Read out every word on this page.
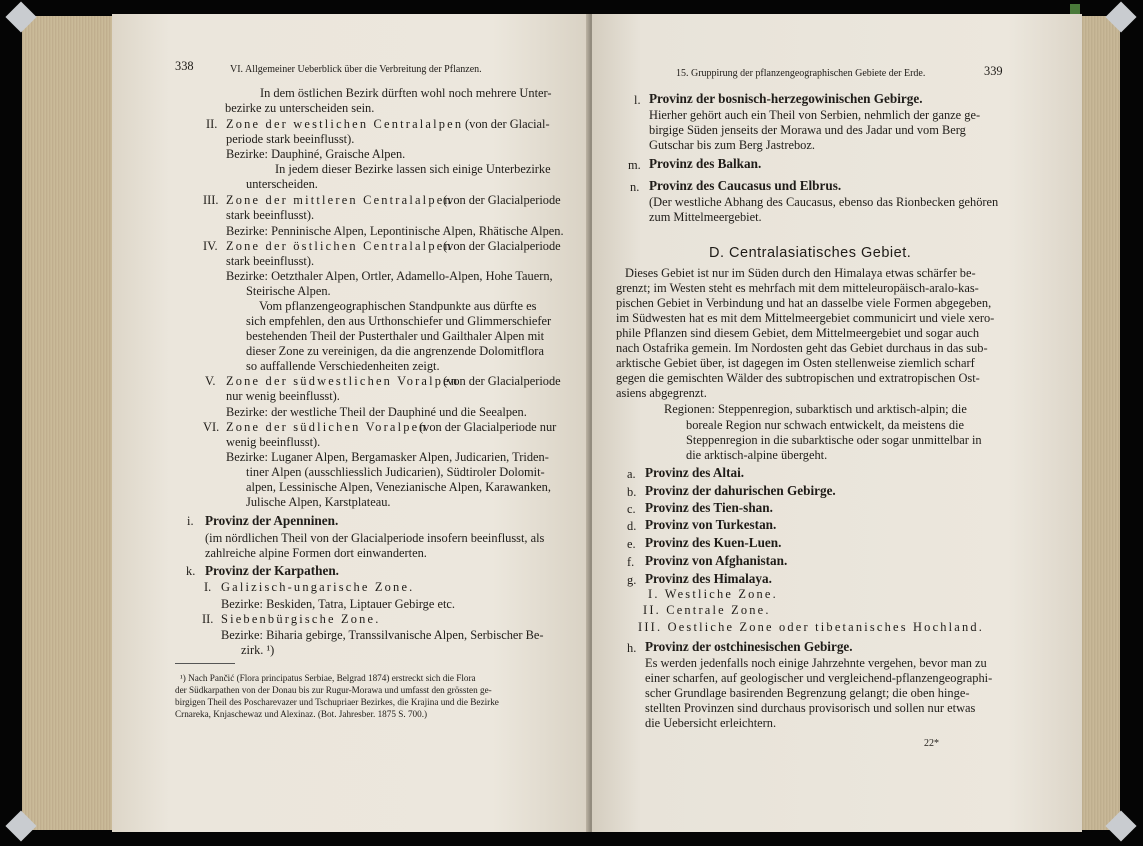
338	VI. Allgemeiner Ueberblick über die Verbreitung der Pflanzen.
In dem östlichen Bezirk dürften wohl noch mehrere Unter-
bezirke zu unterscheiden sein.
II. Zone der westlichen Centralalpen (von der Glacial-
periode stark beeinflusst).
Bezirke: Dauphiné, Graische Alpen.
In jedem dieser Bezirke lassen sich einige Unterbezirke
unterscheiden.
III. Zone der mittleren Centralalpen
(von der Glacialperiode
stark beeinflusst).
Bezirke: Penninische Alpen, Lepontinische Alpen, Rhätische Alpen.
IV. Zone der östlichen Centralalpen
(von der Glacialperiode
stark beeinflusst).
Bezirke: Oetzthaler Alpen, Ortler, Adamello-Alpen, Hohe Tauern,
Steirische Alpen.
Vom pflanzengeographischen Standpunkte aus dürfte es
sich empfehlen, den aus Urthonschiefer und Glimmerschiefer
bestehenden Theil der Pusterthaler und Gailthaler Alpen mit
dieser Zone zu vereinigen, da die angrenzende Dolomitflora
so auffallende Verschiedenheiten zeigt.
V. Zone der südwestlichen Voralpen
(von der Glacialperiode
nur wenig beeinflusst).
Bezirke: der westliche Theil der Dauphiné und die Seealpen.
VI. Zone der südlichen Voralpen
(von der Glacialperiode nur
wenig beeinflusst).
Bezirke: Luganer Alpen, Bergamasker Alpen, Judicarien, Triden-
tiner Alpen (ausschliesslich Judicarien), Südtiroler Dolomit-
alpen, Lessinische Alpen, Venezianische Alpen, Karawanken,
Julische Alpen, Karstplateau.
i. Provinz der Apenninen.
(im nördlichen Theil von der Glacialperiode insofern beeinflusst, als
zahlreiche alpine Formen dort einwanderten.
k. Provinz der Karpathen.
I. Galizisch-ungarische Zone.
Bezirke: Beskiden, Tatra, Liptauer Gebirge etc.
II. Siebenbürgische Zone.
Bezirke: Biharia gebirge, Transsilvanische Alpen, Serbischer Be-
zirk. ¹)
¹) Nach Pančić (Flora principatus Serbiae, Belgrad 1874) erstreckt sich die Flora
der Südkarpathen von der Donau bis zur Rugur-Morawa und umfasst den grössten ge-
birgigen Theil des Poscharevazer und Tschupriaer Bezirkes, die Krajina und die Bezirke
Crnareka, Knjaschewaz und Alexinaz. (Bot. Jahresber. 1875 S. 700.)
15. Gruppirung der pflanzengeographischen Gebiete der Erde.	339
l. Provinz der bosnisch-herzegowinischen Gebirge.
Hierher gehört auch ein Theil von Serbien, nehmlich der ganze ge-
birgige Süden jenseits der Morawa und des Jadar und vom Berg
Gutschar bis zum Berg Jastreboz.
m. Provinz des Balkan.
n. Provinz des Caucasus und Elbrus.
(Der westliche Abhang des Caucasus, ebenso das Rionbecken gehören
zum Mittelmeergebiet.
D. Centralasiatisches Gebiet.
Dieses Gebiet ist nur im Süden durch den Himalaya etwas schärfer be-
grenzt; im Westen steht es mehrfach mit dem mitteleuropäisch-aralo-kas-
pischen Gebiet in Verbindung und hat an dasselbe viele Formen abgegeben,
im Südwesten hat es mit dem Mittelmeergebiet communicirt und viele xero-
phile Pflanzen sind diesem Gebiet, dem Mittelmeergebiet und sogar auch
nach Ostafrika gemein. Im Nordosten geht das Gebiet durchaus in das sub-
arktische Gebiet über, ist dagegen im Osten stellenweise ziemlich scharf
gegen die gemischten Wälder des subtropischen und extratropischen Ost-
asiens abgegrenzt.
Regionen: Steppenregion, subarktisch und arktisch-alpin; die
boreale Region nur schwach entwickelt, da meistens die
Steppenregion in die subarktische oder sogar unmittelbar in
die arktisch-alpine übergeht.
a. Provinz des Altai.
b. Provinz der dahurischen Gebirge.
c. Provinz des Tien-shan.
d. Provinz von Turkestan.
e. Provinz des Kuen-Luen.
f. Provinz von Afghanistan.
g. Provinz des Himalaya.
I. Westliche Zone.
II. Centrale Zone.
III. Oestliche Zone oder tibetanisches Hochland.
h. Provinz der ostchinesischen Gebirge.
Es werden jedenfalls noch einige Jahrzehnte vergehen, bevor man zu
einer scharfen, auf geologischer und vergleichend-pflanzengeographi-
scher Grundlage basirenden Begrenzung gelangt; die oben hinge-
stellten Provinzen sind durchaus provisorisch und sollen nur etwas
die Uebersicht erleichtern.
22*
